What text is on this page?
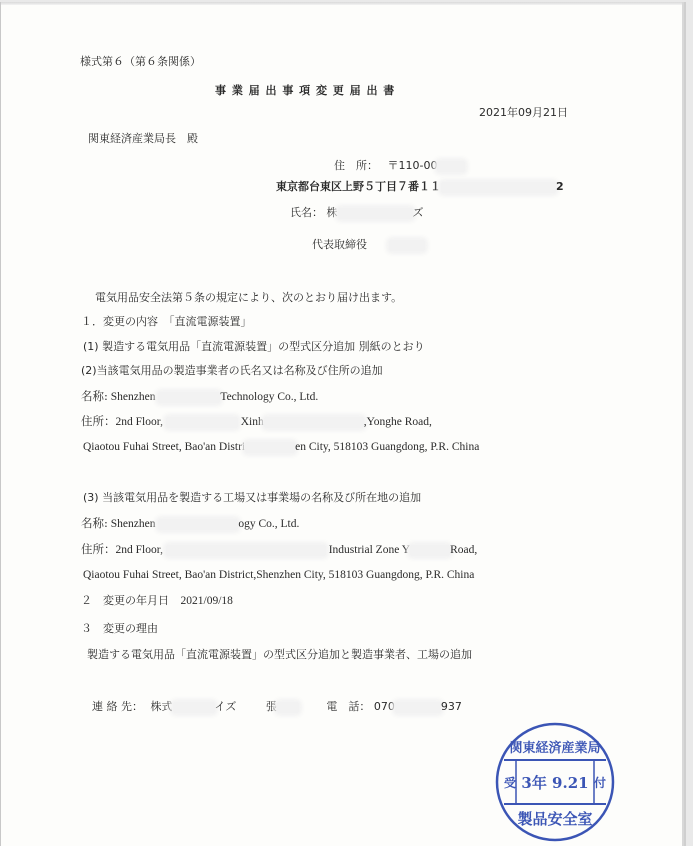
様式第６（第６条関係）
事 業 届 出 事 項 変 更 届 出 書
2021年09月21日
関東経済産業局長　殿
住　所： 〒110-00
東京都台東区上野５丁目７番１１	2
氏名： 株	ズ
代表取締役
電気用品安全法第５条の規定により、次のとおり届け出ます。
１．変更の内容　「直流電源装置」
(1) 製造する電気用品「直流電源装置」の型式区分追加 別紙のとおり
(2)当該電気用品の製造事業者の氏名又は名称及び住所の追加
名称: Shenzhen	Technology Co., Ltd.
住所：2nd Floor,	Xinh	,Yonghe Road,
Qiaotou Fuhai Street, Bao'an Distri	en City, 518103 Guangdong, P.R. China
(3) 当該電気用品を製造する工場又は事業場の名称及び所在地の追加
名称: Shenzhen	ogy Co., Ltd.
住所：2nd Floor,	Industrial Zone Y	Road,
Qiaotou Fuhai Street, Bao'an District,Shenzhen City, 518103 Guangdong, P.R. China
２　変更の年月日 2021/09/18
３　変更の理由
製造する電気用品「直流電源装置」の型式区分追加と製造事業者、工場の追加
連 絡 先： 株式	イズ	張	電　話： 070	937
関東経済産業局
受 3年 9.21 付
製品安全室
